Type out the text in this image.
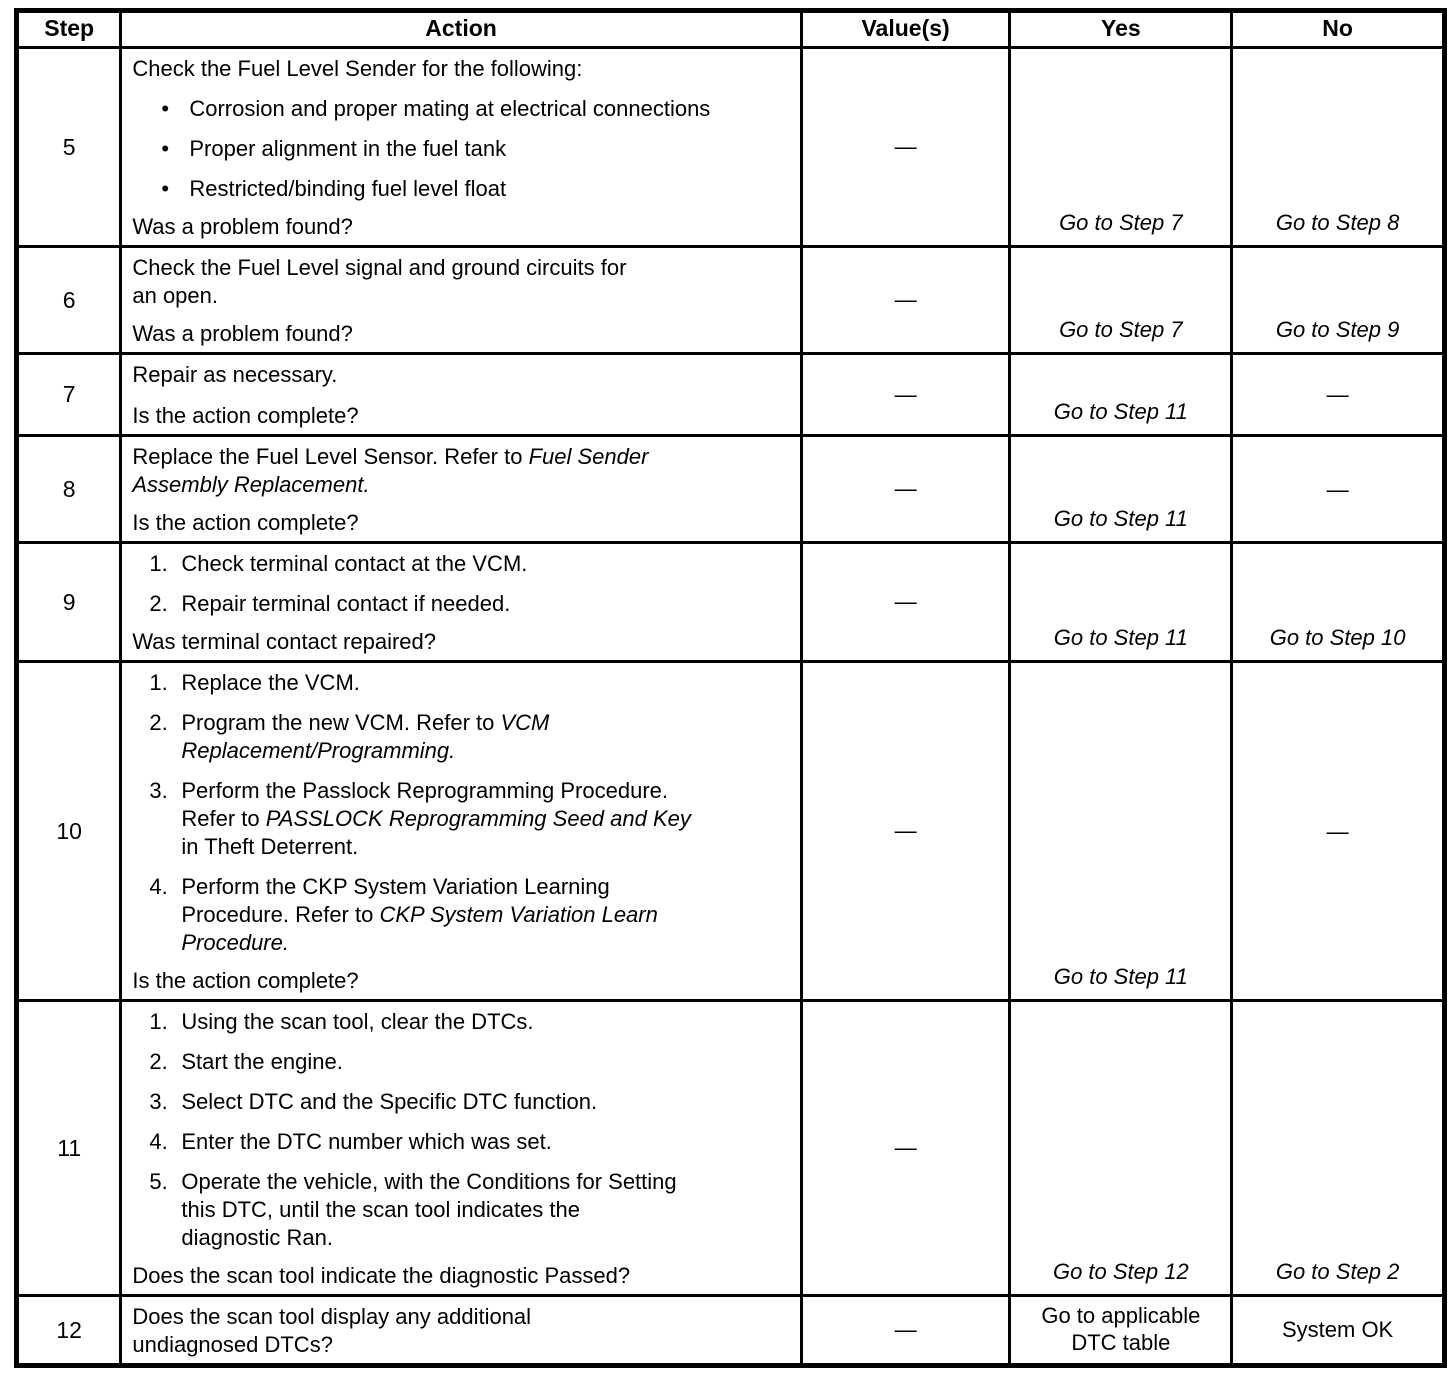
Step	Action	Value(s)	Yes	No
5	
Check the Fuel Level Sender for the following:
• Corrosion and proper mating at electrical connections
• Proper alignment in the fuel tank
• Restricted/binding fuel level float
Was a problem found?
	—	Go to Step 7	Go to Step 8
6	Check the Fuel Level signal and ground circuits for
an open.
Was a problem found?	—	Go to Step 7	Go to Step 9
7	Repair as necessary.
Is the action complete?	—	Go to Step 11	—
8	Replace the Fuel Level Sensor. Refer to Fuel Sender
Assembly Replacement.
Is the action complete?	—	Go to Step 11	—
9	1. Check terminal contact at the VCM.
2. Repair terminal contact if needed.
Was terminal contact repaired?	—	Go to Step 11	Go to Step 10
10	
1. Replace the VCM.
2. Program the new VCM. Refer to VCM
Replacement/Programming.
3. Perform the Passlock Reprogramming Procedure.
Refer to PASSLOCK Reprogramming Seed and Key
in Theft Deterrent.
4. Perform the CKP System Variation Learning
Procedure. Refer to CKP System Variation Learn
Procedure.
Is the action complete?
	—	Go to Step 11	—
11	
1. Using the scan tool, clear the DTCs.
2. Start the engine.
3. Select DTC and the Specific DTC function.
4. Enter the DTC number which was set.
5. Operate the vehicle, with the Conditions for Setting
this DTC, until the scan tool indicates the
diagnostic Ran.
Does the scan tool indicate the diagnostic Passed?
	—	Go to Step 12	Go to Step 2
12	Does the scan tool display any additional
undiagnosed DTCs?	—	Go to applicable DTC table	System OK
